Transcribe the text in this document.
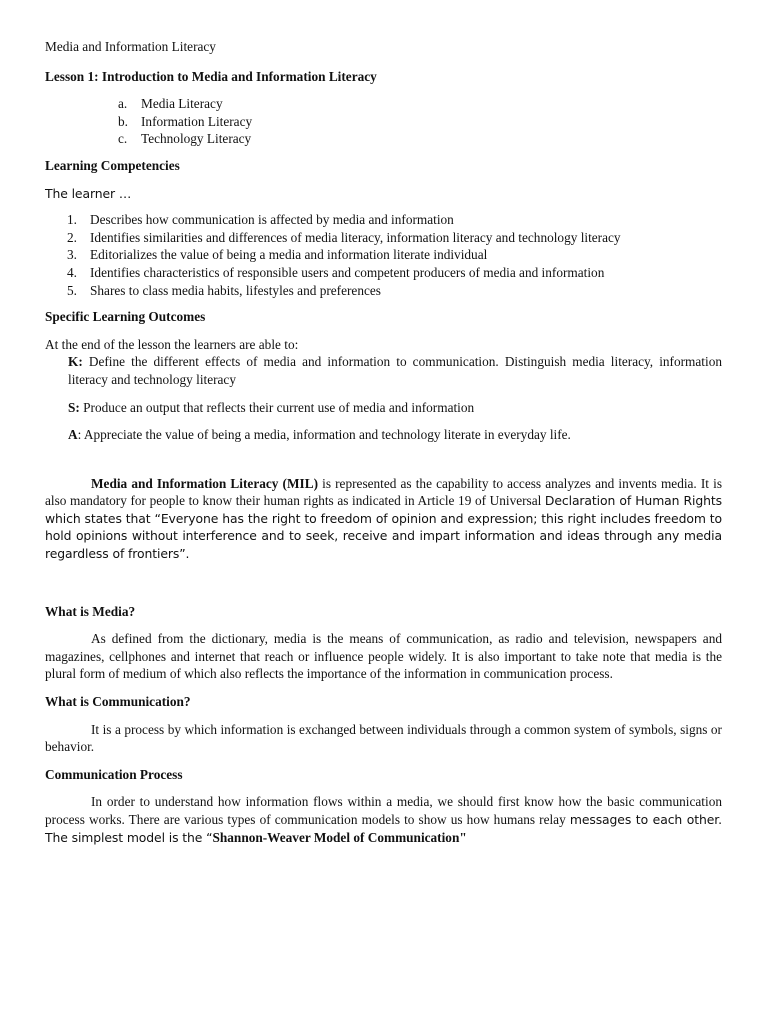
Media and Information Literacy

Lesson 1: Introduction to Media and Information Literacy

a. Media Literacy
b. Information Literacy
c. Technology Literacy

Learning Competencies

The learner …

1. Describes how communication is affected by media and information
2. Identifies similarities and differences of media literacy, information literacy and technology literacy
3. Editorializes the value of being a media and information literate individual
4. Identifies characteristics of responsible users and competent producers of media and information
5. Shares to class media habits, lifestyles and preferences

Specific Learning Outcomes

At the end of the lesson the learners are able to:

K: Define the different effects of media and information to communication. Distinguish media literacy, information literacy and technology literacy

S: Produce an output that reflects their current use of media and information

A: Appreciate the value of being a media, information and technology literate in everyday life.

Media and Information Literacy (MIL) is represented as the capability to access analyzes and invents media. It is also mandatory for people to know their human rights as indicated in Article 19 of Universal Declaration of Human Rights which states that “Everyone has the right to freedom of opinion and expression; this right includes freedom to hold opinions without interference and to seek, receive and impart information and ideas through any media regardless of frontiers”.

What is Media?

As defined from the dictionary, media is the means of communication, as radio and television, newspapers and magazines, cellphones and internet that reach or influence people widely. It is also important to take note that media is the plural form of medium of which also reflects the importance of the information in communication process.

What is Communication?

It is a process by which information is exchanged between individuals through a common system of symbols, signs or behavior.

Communication Process

In order to understand how information flows within a media, we should first know how the basic communication process works. There are various types of communication models to show us how humans relay messages to each other. The simplest model is the “Shannon-Weaver Model of Communication"
